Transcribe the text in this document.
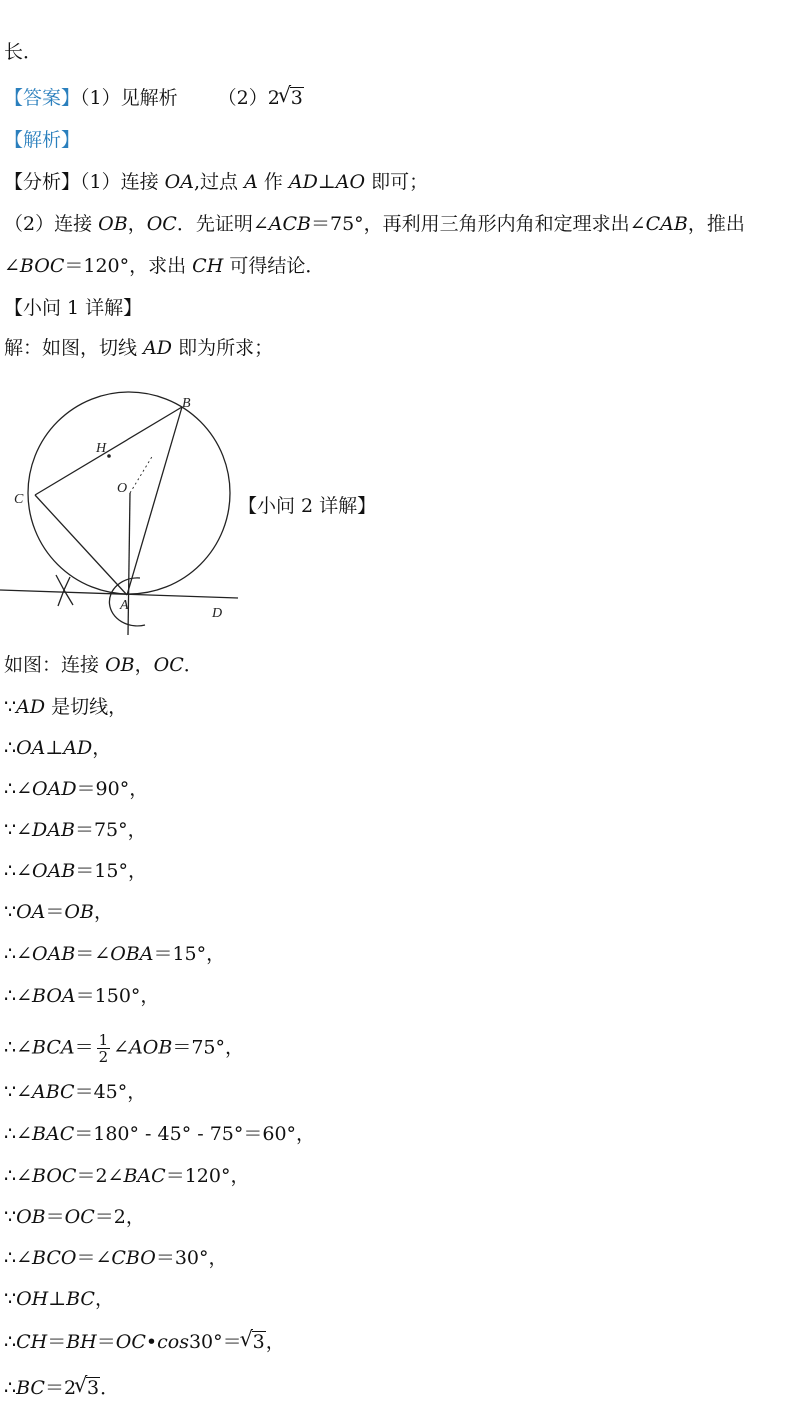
长．
【答案】（1）见解析 （2）2 √ 3
【解析】
【分析】（1）连接 OA,过点 A 作 AD⊥AO 即可；
（2）连接 OB，OC．先证明∠ACB＝75°，再利用三角形内角和定理求出∠CAB，推出
∠BOC＝120°，求出 CH 可得结论．
【小问 1 详解】
解：如图，切线 AD 即为所求；
B
H
O
C
A
D
【小问 2 详解】
如图：连接 OB，OC．
∵AD 是切线，
∴OA⊥AD，
∴∠OAD＝90°，
∵∠DAB＝75°，
∴∠OAB＝15°，
∵OA＝OB，
∴∠OAB＝∠OBA＝15°，
∴∠BOA＝150°，
∴∠BCA＝ $\frac{1}{2}$ ∠AOB＝75°，
∵∠ABC＝45°，
∴∠BAC＝180° - 45° - 75°＝60°，
∴∠BOC＝2∠BAC＝120°，
∵OB＝OC＝2，
∴∠BCO＝∠CBO＝30°，
∵OH⊥BC，
∴CH＝BH＝OC•cos30°＝ √ 3，
∴BC＝2 √ 3．
